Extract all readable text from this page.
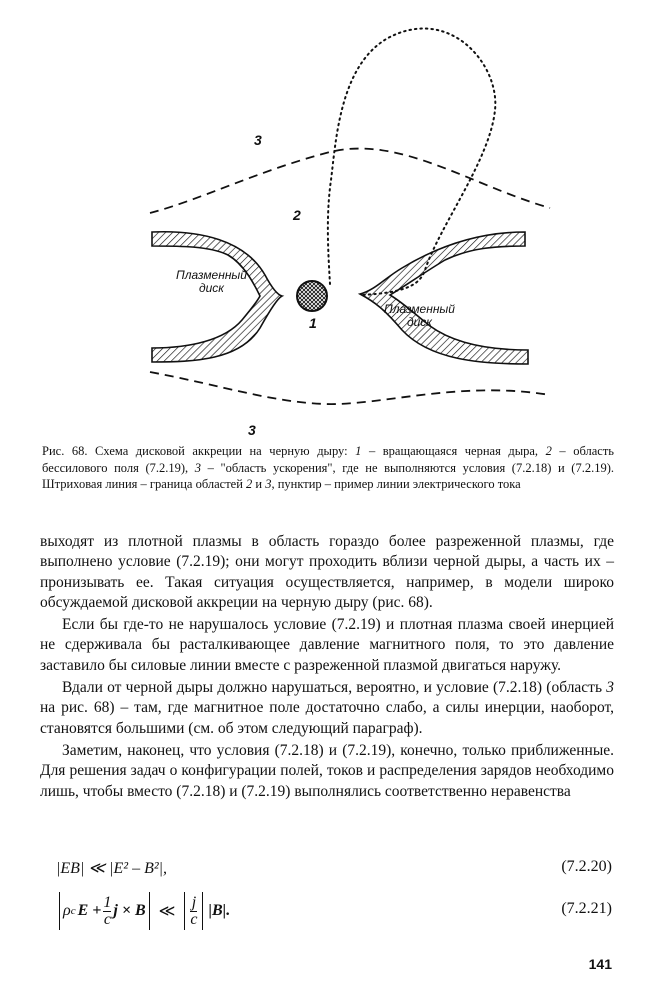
3
2
1
3
Плазменный
диск
Плазменный
диск
Рис. 68. Схема дисковой аккреции на черную дыру: 1 – вращающаяся черная дыра, 2 – область бессилового поля (7.2.19), 3 – "область ускорения", где не выполняются условия (7.2.18) и (7.2.19). Штриховая линия – граница областей 2 и 3, пунктир – пример линии электрического тока

выходят из плотной плазмы в область гораздо более разреженной плазмы, где выполнено условие (7.2.19); они могут проходить вблизи черной дыры, а часть их – пронизывать ее. Такая ситуация осуществляется, например, в модели широко обсуждаемой дисковой аккреции на черную дыру (рис. 68).

Если бы где-то не нарушалось условие (7.2.19) и плотная плазма своей инерцией не сдерживала бы расталкивающее давление магнитного поля, то это давление заставило бы силовые линии вместе с разреженной плазмой двигаться наружу.

Вдали от черной дыры должно нарушаться, вероятно, и условие (7.2.18) (область 3 на рис. 68) – там, где магнитное поле достаточно слабо, а силы инерции, наоборот, становятся большими (см. об этом следующий параграф).

Заметим, наконец, что условия (7.2.18) и (7.2.19), конечно, только приближенные. Для решения задач о конфигурации полей, токов и распределения зарядов необходимо лишь, чтобы вместо (7.2.18) и (7.2.19) выполнялись соответственно неравенства

|EB| ≪ |E² – B²|,	(7.2.20)
ρ c $E + \frac{1}{c}$ j × B ≪ $\frac{j}{c} |B|$.	(7.2.21)
141
